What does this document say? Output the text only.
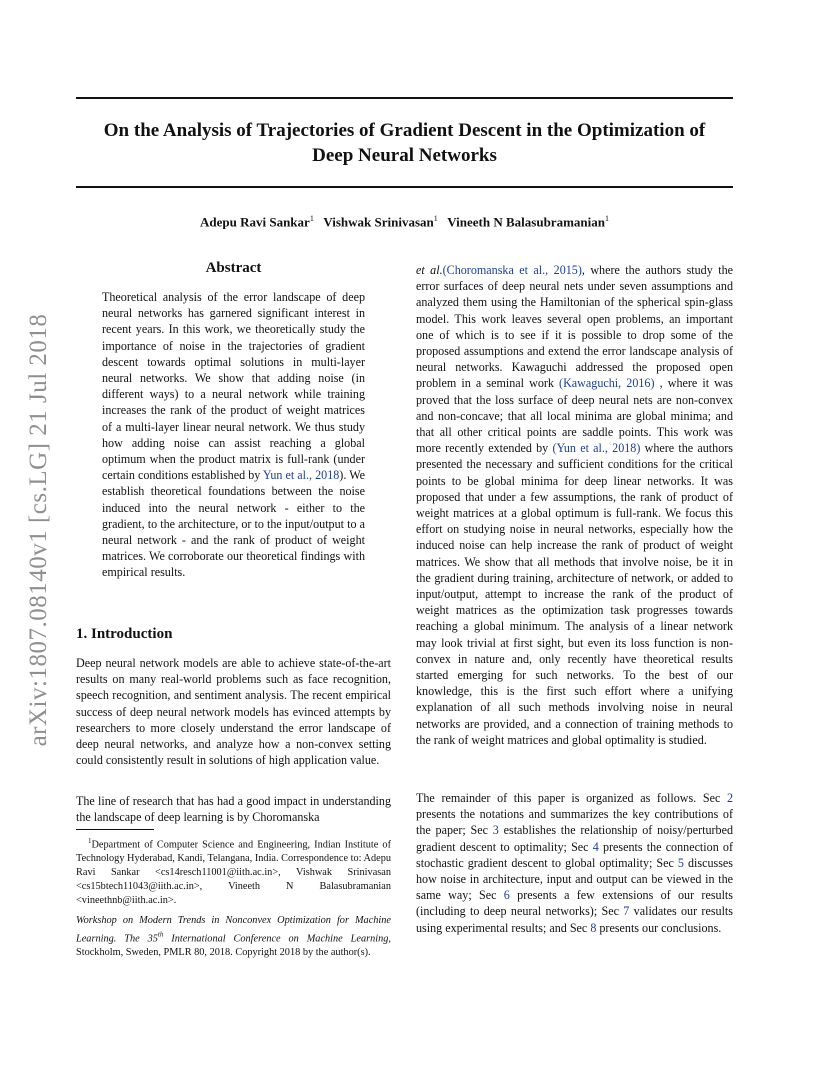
arXiv:1807.08140v1 [cs.LG] 21 Jul 2018
On the Analysis of Trajectories of Gradient Descent in the Optimization of
Deep Neural Networks
Adepu Ravi Sankar$^1$ Vishwak Srinivasan$^1$ Vineeth N Balasubramanian$^1$
Abstract
Theoretical analysis of the error landscape of deep neural networks has garnered significant interest in recent years. In this work, we theoretically study the importance of noise in the trajectories of gradient descent towards optimal solutions in multi-layer neural networks. We show that adding noise (in different ways) to a neural network while training increases the rank of the product of weight matrices of a multi-layer linear neural network. We thus study how adding noise can assist reaching a global optimum when the product matrix is full-rank (under certain conditions established by Yun et al., 2018). We establish theoretical foundations between the noise induced into the neural network - either to the gradient, to the architecture, or to the input/output to a neural network - and the rank of product of weight matrices. We corroborate our theoretical findings with empirical results.
1. Introduction
Deep neural network models are able to achieve state-of-the-art results on many real-world problems such as face recognition, speech recognition, and sentiment analysis. The recent empirical success of deep neural network models has evinced attempts by researchers to more closely understand the error landscape of deep neural networks, and analyze how a non-convex setting could consistently result in solutions of high application value.
The line of research that has had a good impact in understanding the landscape of deep learning is by Choromanska
$^1$Department of Computer Science and Engineering, Indian Institute of Technology Hyderabad, Kandi, Telangana, India. Correspondence to: Adepu Ravi Sankar <cs14resch11001@iith.ac.in>, Vishwak Srinivasan <cs15btech11043@iith.ac.in>, Vineeth N Balasubramanian <vineethnb@iith.ac.in>.
Workshop on Modern Trends in Nonconvex Optimization for Machine Learning. The 35th International Conference on Machine Learning, Stockholm, Sweden, PMLR 80, 2018. Copyright 2018 by the author(s).
et al.(Choromanska et al., 2015), where the authors study the error surfaces of deep neural nets under seven assumptions and analyzed them using the Hamiltonian of the spherical spin-glass model. This work leaves several open problems, an important one of which is to see if it is possible to drop some of the proposed assumptions and extend the error landscape analysis of neural networks. Kawaguchi addressed the proposed open problem in a seminal work (Kawaguchi, 2016) , where it was proved that the loss surface of deep neural nets are non-convex and non-concave; that all local minima are global minima; and that all other critical points are saddle points. This work was more recently extended by (Yun et al., 2018) where the authors presented the necessary and sufficient conditions for the critical points to be global minima for deep linear networks. It was proposed that under a few assumptions, the rank of product of weight matrices at a global optimum is full-rank. We focus this effort on studying noise in neural networks, especially how the induced noise can help increase the rank of product of weight matrices. We show that all methods that involve noise, be it in the gradient during training, architecture of network, or added to input/output, attempt to increase the rank of the product of weight matrices as the optimization task progresses towards reaching a global minimum. The analysis of a linear network may look trivial at first sight, but even its loss function is non-convex in nature and, only recently have theoretical results started emerging for such networks. To the best of our knowledge, this is the first such effort where a unifying explanation of all such methods involving noise in neural networks are provided, and a connection of training methods to the rank of weight matrices and global optimality is studied.
The remainder of this paper is organized as follows. Sec 2 presents the notations and summarizes the key contributions of the paper; Sec 3 establishes the relationship of noisy/perturbed gradient descent to optimality; Sec 4 presents the connection of stochastic gradient descent to global optimality; Sec 5 discusses how noise in architecture, input and output can be viewed in the same way; Sec 6 presents a few extensions of our results (including to deep neural networks); Sec 7 validates our results using experimental results; and Sec 8 presents our conclusions.
